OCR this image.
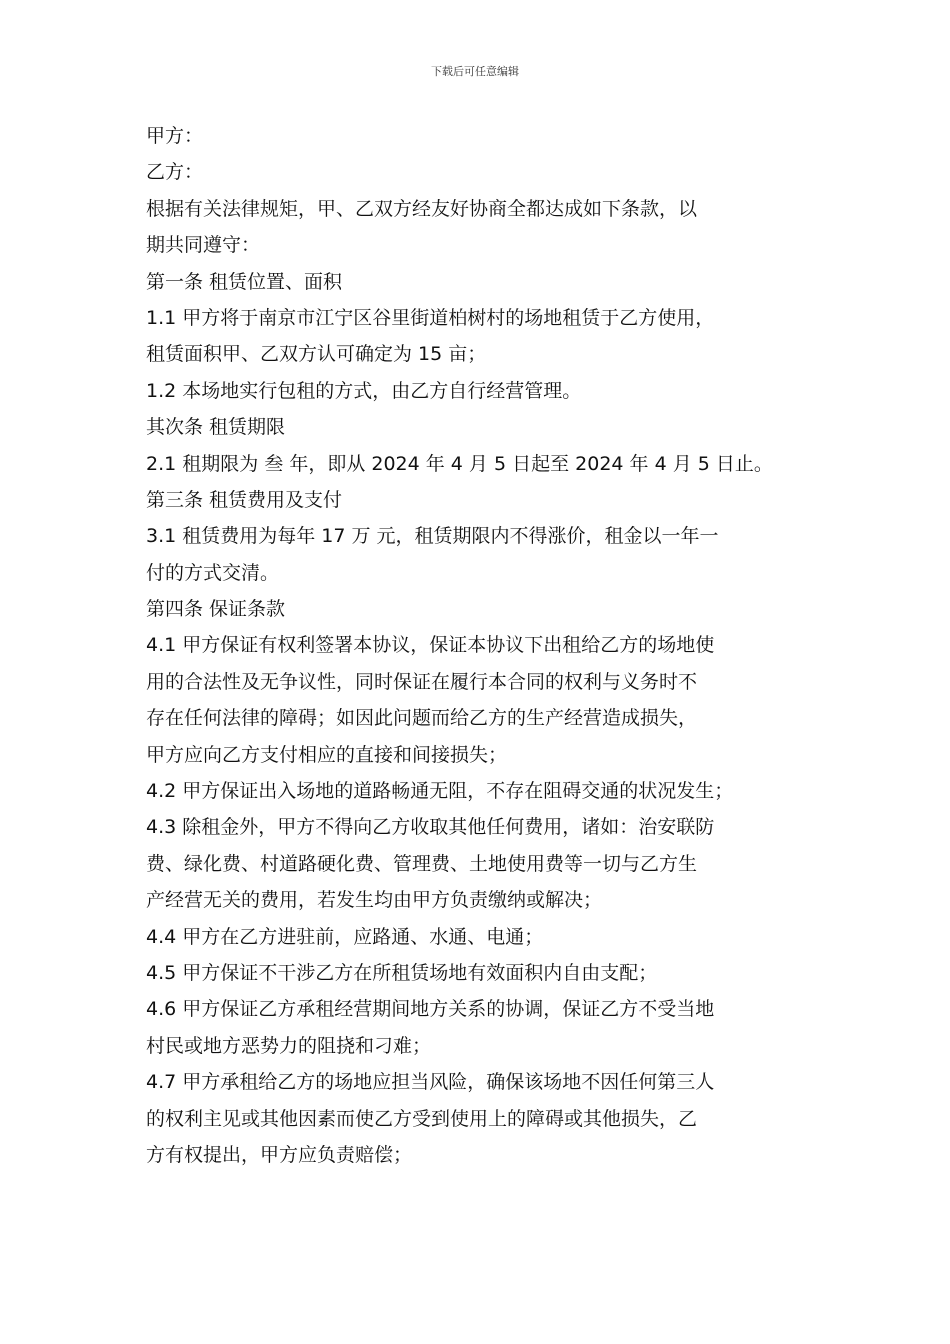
下载后可任意编辑
甲方：
乙方：
根据有关法律规矩，甲、乙双方经友好协商全都达成如下条款，以
期共同遵守：
第一条 租赁位置、面积
1.1 甲方将于南京市江宁区谷里街道柏树村的场地租赁于乙方使用，
租赁面积甲、乙双方认可确定为 15 亩；
1.2 本场地实行包租的方式，由乙方自行经营管理。
其次条 租赁期限
2.1 租期限为 叁 年，即从 2024 年 4 月 5 日起至 2024 年 4 月 5 日止。
第三条 租赁费用及支付
3.1 租赁费用为每年 17 万 元，租赁期限内不得涨价，租金以一年一
付的方式交清。
第四条 保证条款
4.1 甲方保证有权利签署本协议，保证本协议下出租给乙方的场地使
用的合法性及无争议性，同时保证在履行本合同的权利与义务时不
存在任何法律的障碍；如因此问题而给乙方的生产经营造成损失，
甲方应向乙方支付相应的直接和间接损失；
4.2 甲方保证出入场地的道路畅通无阻，不存在阻碍交通的状况发生；
4.3 除租金外，甲方不得向乙方收取其他任何费用，诸如：治安联防
费、绿化费、村道路硬化费、管理费、土地使用费等一切与乙方生
产经营无关的费用，若发生均由甲方负责缴纳或解决；
4.4 甲方在乙方进驻前，应路通、水通、电通；
4.5 甲方保证不干涉乙方在所租赁场地有效面积内自由支配；
4.6 甲方保证乙方承租经营期间地方关系的协调，保证乙方不受当地
村民或地方恶势力的阻挠和刁难；
4.7 甲方承租给乙方的场地应担当风险，确保该场地不因任何第三人
的权利主见或其他因素而使乙方受到使用上的障碍或其他损失，乙
方有权提出，甲方应负责赔偿；
